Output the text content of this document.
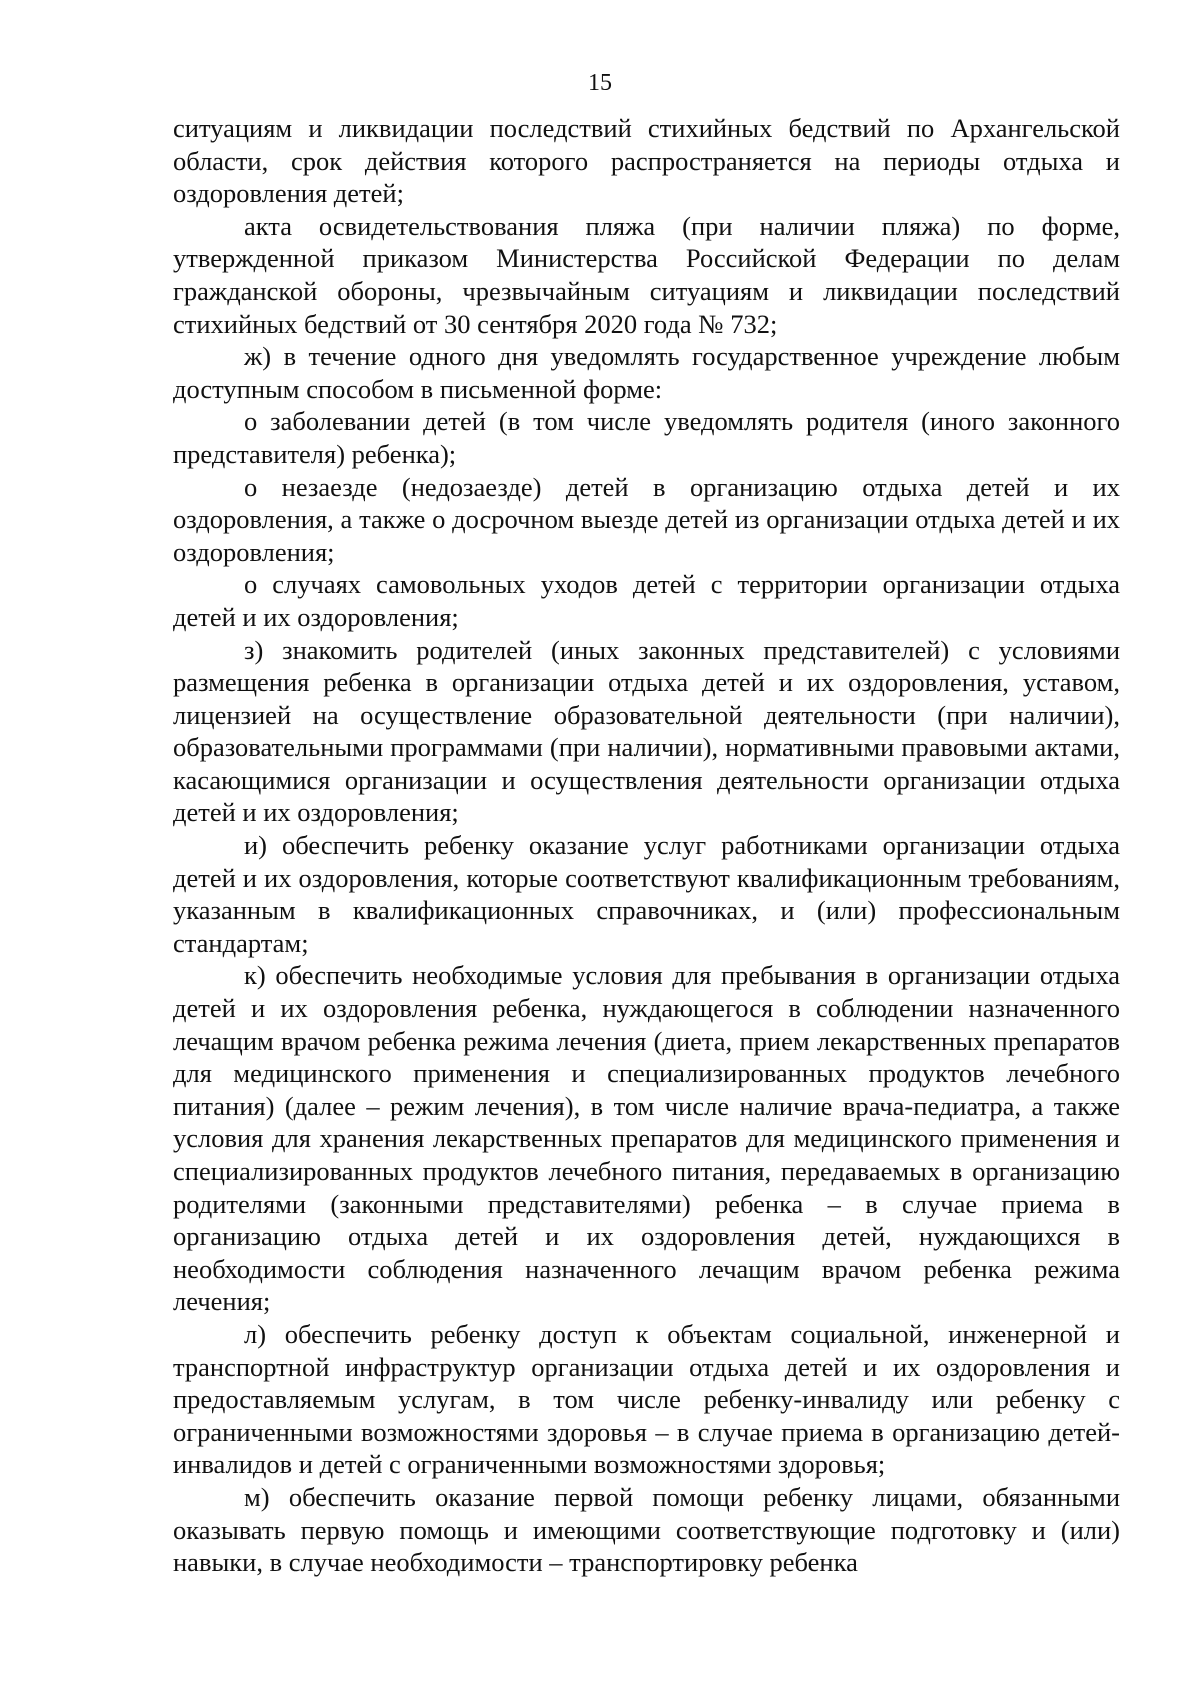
15

ситуациям и ликвидации последствий стихийных бедствий по Архангельской области, срок действия которого распространяется на периоды отдыха и оздоровления детей;

акта освидетельствования пляжа (при наличии пляжа) по форме, утвержденной приказом Министерства Российской Федерации по делам гражданской обороны, чрезвычайным ситуациям и ликвидации последствий стихийных бедствий от 30 сентября 2020 года № 732;

ж) в течение одного дня уведомлять государственное учреждение любым доступным способом в письменной форме:

о заболевании детей (в том числе уведомлять родителя (иного законного представителя) ребенка);

о незаезде (недозаезде) детей в организацию отдыха детей и их оздоровления, а также о досрочном выезде детей из организации отдыха детей и их оздоровления;

о случаях самовольных уходов детей с территории организации отдыха детей и их оздоровления;

з) знакомить родителей (иных законных представителей) с условиями размещения ребенка в организации отдыха детей и их оздоровления, уставом, лицензией на осуществление образовательной деятельности (при наличии), образовательными программами (при наличии), нормативными правовыми актами, касающимися организации и осуществления деятельности организации отдыха детей и их оздоровления;

и) обеспечить ребенку оказание услуг работниками организации отдыха детей и их оздоровления, которые соответствуют квалификационным требованиям, указанным в квалификационных справочниках, и (или) профессиональным стандартам;

к) обеспечить необходимые условия для пребывания в организации отдыха детей и их оздоровления ребенка, нуждающегося в соблюдении назначенного лечащим врачом ребенка режима лечения (диета, прием лекарственных препаратов для медицинского применения и специализированных продуктов лечебного питания) (далее – режим лечения), в том числе наличие врача-педиатра, а также условия для хранения лекарственных препаратов для медицинского применения и специализированных продуктов лечебного питания, передаваемых в организацию родителями (законными представителями) ребенка – в случае приема в организацию отдыха детей и их оздоровления детей, нуждающихся в необходимости соблюдения назначенного лечащим врачом ребенка режима лечения;

л) обеспечить ребенку доступ к объектам социальной, инженерной и транспортной инфраструктур организации отдыха детей и их оздоровления и предоставляемым услугам, в том числе ребенку-инвалиду или ребенку с ограниченными возможностями здоровья – в случае приема в организацию детей-инвалидов и детей с ограниченными возможностями здоровья;

м) обеспечить оказание первой помощи ребенку лицами, обязанными оказывать первую помощь и имеющими соответствующие подготовку и (или) навыки, в случае необходимости – транспортировку ребенка
